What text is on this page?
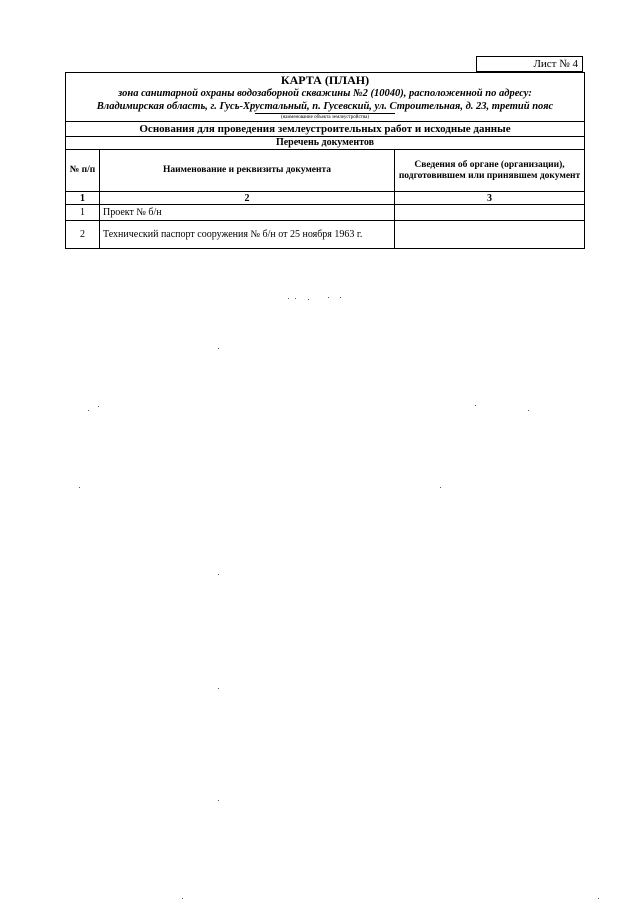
Лист № 4
КАРТА (ПЛАН)
зона санитарной охраны водозаборной скважины №2 (10040), расположенной по адресу:
Владимирская область, г. Гусь-Хрустальный, п. Гусевский, ул. Строительная, д. 23, третий пояс
(наименование объекта землеустройства)		

Основания для проведения землеустроительных работ и исходные данные		
Перечень документов		
№ п/п	Наименование и реквизиты документа	Сведения об органе (организации), подготовившем или принявшем документ
1	2	3
1	Проект № б/н	
2	Технический паспорт сооружения № б/н от 25 ноября 1963 г.	
